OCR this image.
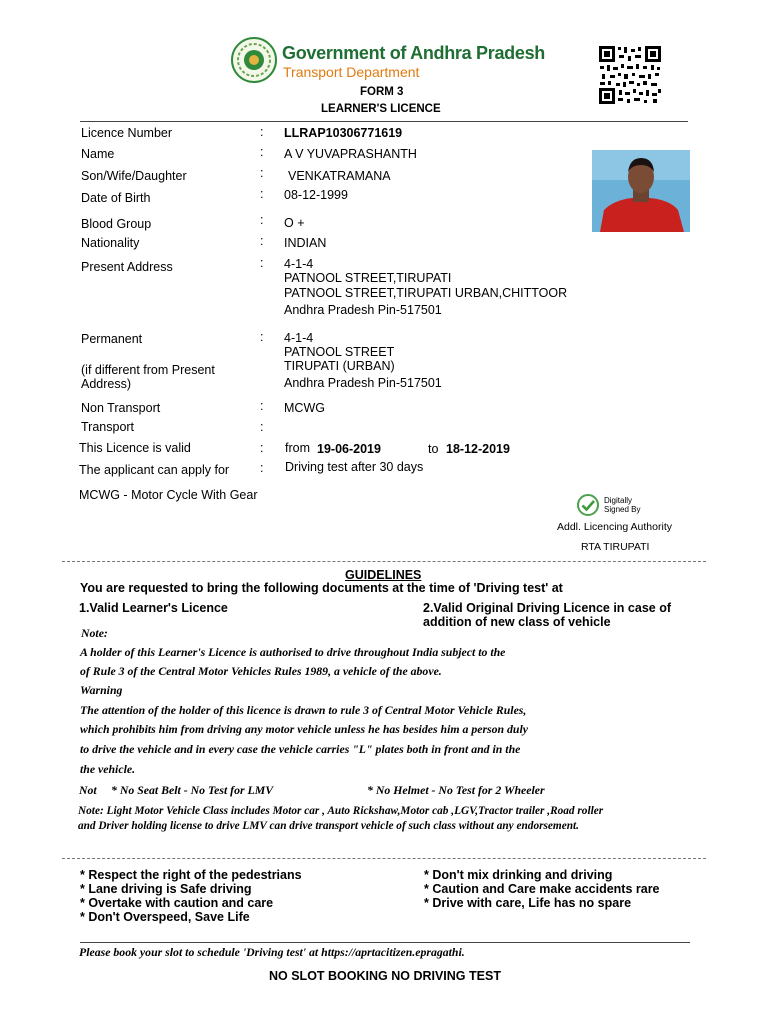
Government of Andhra Pradesh
Transport Department
FORM 3
LEARNER'S LICENCE
Licence Number	: LLRAP10306771619
Name	: A V YUVAPRASHANTH
Son/Wife/Daughter	: VENKATRAMANA
Date of Birth	: 08-12-1999
Blood Group	: O +
Nationality	: INDIAN
Present Address	: 4-1-4
PATNOOL STREET,TIRUPATI
PATNOOL STREET,TIRUPATI URBAN,CHITTOOR
Andhra Pradesh Pin-517501
Permanent	: 4-1-4
PATNOOL STREET
TIRUPATI (URBAN)
(if different from Present
Andhra Pradesh Pin-517501
Address)
Non Transport	: MCWG
Transport	:
This Licence is valid	: from 19-06-2019	to 18-12-2019
The applicant can apply for : Driving test after 30 days
MCWG - Motor Cycle With Gear	Digitally
Signed By
Addl. Licencing Authority
RTA TIRUPATI
GUIDELINES
You are requested to bring the following documents at the time of 'Driving test' at
1.Valid Learner's Licence	2.Valid Original Driving Licence in case of
addition of new class of vehicle
Note:
A holder of this Learner's Licence is authorised to drive throughout India subject to the
of Rule 3 of the Central Motor Vehicles Rules 1989, a vehicle of the above.
Warning
The attention of the holder of this licence is drawn to rule 3 of Central Motor Vehicle Rules,
which prohibits him from driving any motor vehicle unless he has besides him a person duly
to drive the vehicle and in every case the vehicle carries "L" plates both in front and in the
the vehicle.
Not * No Seat Belt - No Test for LMV	* No Helmet - No Test for 2 Wheeler
Note: Light Motor Vehicle Class includes Motor car , Auto Rickshaw,Motor cab ,LGV,Tractor trailer ,Road roller
and Driver holding license to drive LMV can drive transport vehicle of such class without any endorsement.
* Respect the right of the pedestrians
* Lane driving is Safe driving
* Overtake with caution and care
* Don't Overspeed, Save Life
* Don't mix drinking and driving
* Caution and Care make accidents rare
* Drive with care, Life has no spare
Please book your slot to schedule 'Driving test' at https://aprtacitizen.epragathi.
NO SLOT BOOKING NO DRIVING TEST
